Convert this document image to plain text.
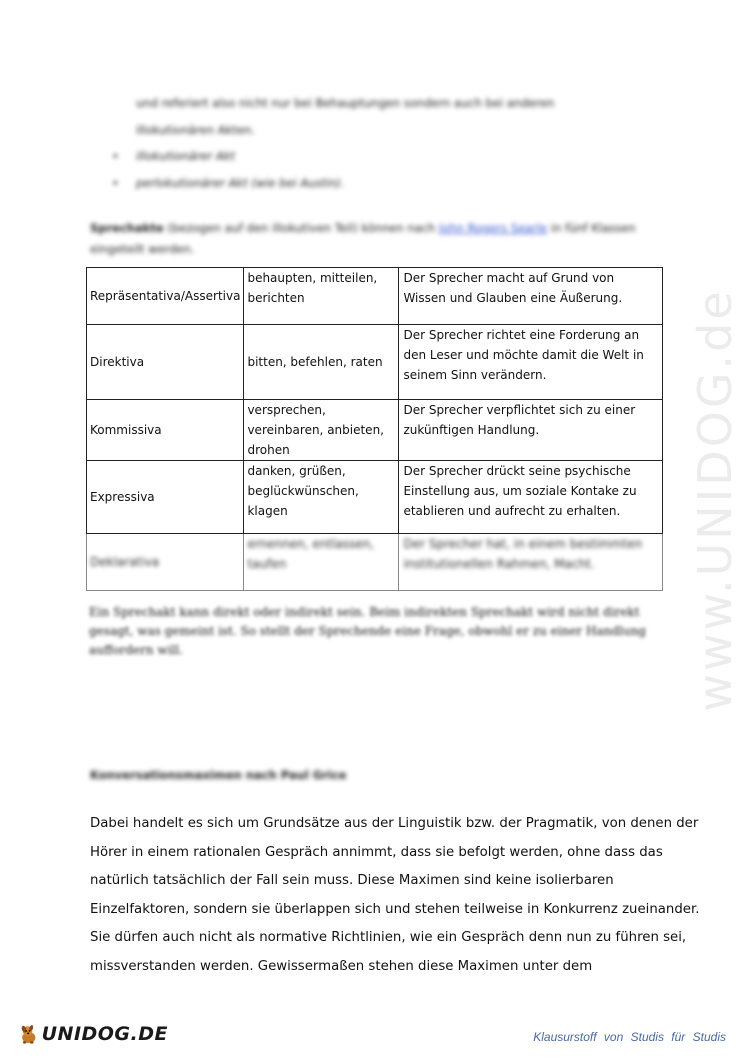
www.UNIDOG.de

und referiert also nicht nur bei Behauptungen sondern auch bei anderen

illokutionären Akten.

• illokutionärer Akt
• perlokutionärer Akt (wie bei Austin).
Sprechakte (bezogen auf den illokutiven Teil) können nach John Rogers Searle in fünf Klassen eingeteilt werden.
Repräsentativa/Assertiva	behaupten, mitteilen, berichten	Der Sprecher macht auf Grund von Wissen und Glauben eine Äußerung.
Direktiva	bitten, befehlen, raten	Der Sprecher richtet eine Forderung an den Leser und möchte damit die Welt in seinem Sinn verändern.
Kommissiva	versprechen, vereinbaren, anbieten, drohen	Der Sprecher verpflichtet sich zu einer zukünftigen Handlung.
Expressiva	danken, grüßen, beglückwünschen, klagen	Der Sprecher drückt seine psychische Einstellung aus, um soziale Kontake zu etablieren und aufrecht zu erhalten.

Deklarativa	ernennen, entlassen, taufen	Der Sprecher hat, in einem bestimmten institutionellen Rahmen, Macht.
Ein Sprechakt kann direkt oder indirekt sein. Beim indirekten Sprechakt wird nicht direkt gesagt, was gemeint ist. So stellt der Sprechende eine Frage, obwohl er zu einer Handlung auffordern will.
Konversationsmaximen nach Paul Grice

Dabei handelt es sich um Grundsätze aus der Linguistik bzw. der Pragmatik, von denen der

Hörer in einem rationalen Gespräch annimmt, dass sie befolgt werden, ohne dass das

natürlich tatsächlich der Fall sein muss. Diese Maximen sind keine isolierbaren

Einzelfaktoren, sondern sie überlappen sich und stehen teilweise in Konkurrenz zueinander.

Sie dürfen auch nicht als normative Richtlinien, wie ein Gespräch denn nun zu führen sei,

missverstanden werden. Gewissermaßen stehen diese Maximen unter dem

UNIDOG.DE	Klausurstoff von Studis für Studis
